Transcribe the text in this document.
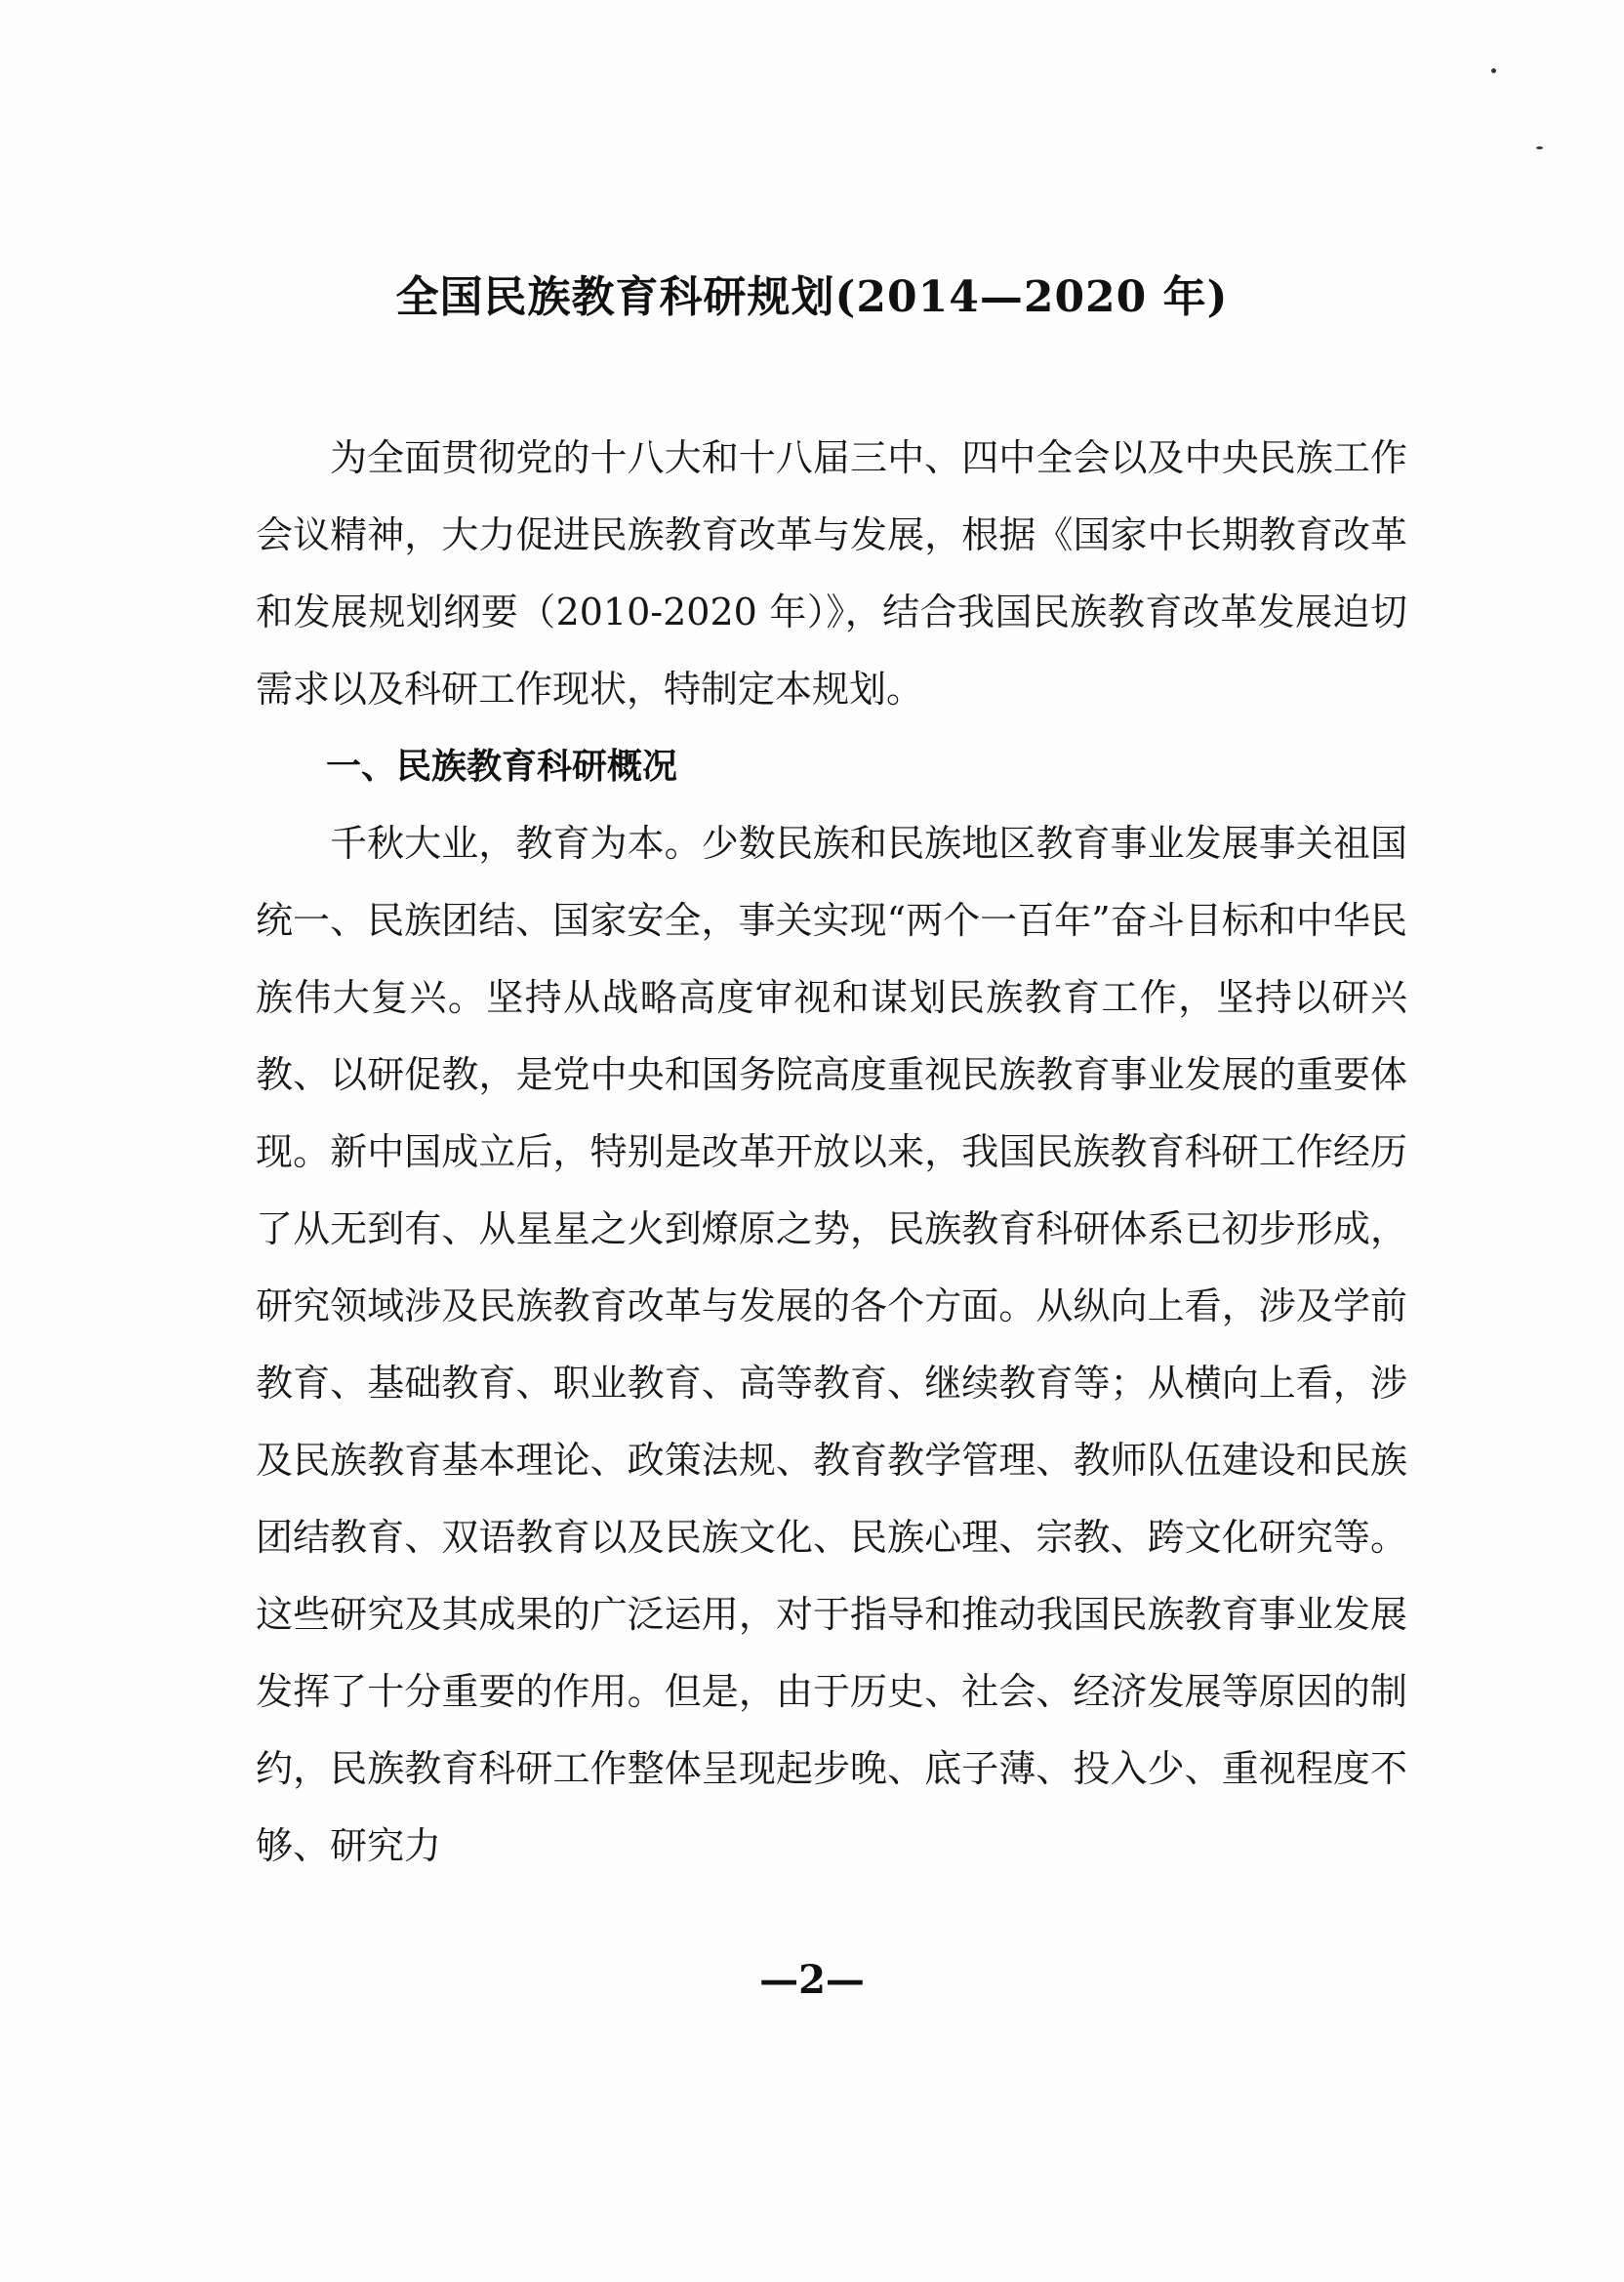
全国民族教育科研规划(2014—2020 年)

为全面贯彻党的十八大和十八届三中、四中全会以及中央民族工作会议精神，大力促进民族教育改革与发展，根据《国家中长期教育改革和发展规划纲要（2010-2020 年）》，结合我国民族教育改革发展迫切需求以及科研工作现状，特制定本规划。

一、民族教育科研概况

千秋大业，教育为本。少数民族和民族地区教育事业发展事关祖国统一、民族团结、国家安全，事关实现“两个一百年”奋斗目标和中华民族伟大复兴。坚持从战略高度审视和谋划民族教育工作，坚持以研兴教、以研促教，是党中央和国务院高度重视民族教育事业发展的重要体现。新中国成立后，特别是改革开放以来，我国民族教育科研工作经历了从无到有、从星星之火到燎原之势，民族教育科研体系已初步形成，研究领域涉及民族教育改革与发展的各个方面。从纵向上看，涉及学前教育、基础教育、职业教育、高等教育、继续教育等；从横向上看，涉及民族教育基本理论、政策法规、教育教学管理、教师队伍建设和民族团结教育、双语教育以及民族文化、民族心理、宗教、跨文化研究等。这些研究及其成果的广泛运用，对于指导和推动我国民族教育事业发展发挥了十分重要的作用。但是，由于历史、社会、经济发展等原因的制约，民族教育科研工作整体呈现起步晚、底子薄、投入少、重视程度不够、研究力

—2—
